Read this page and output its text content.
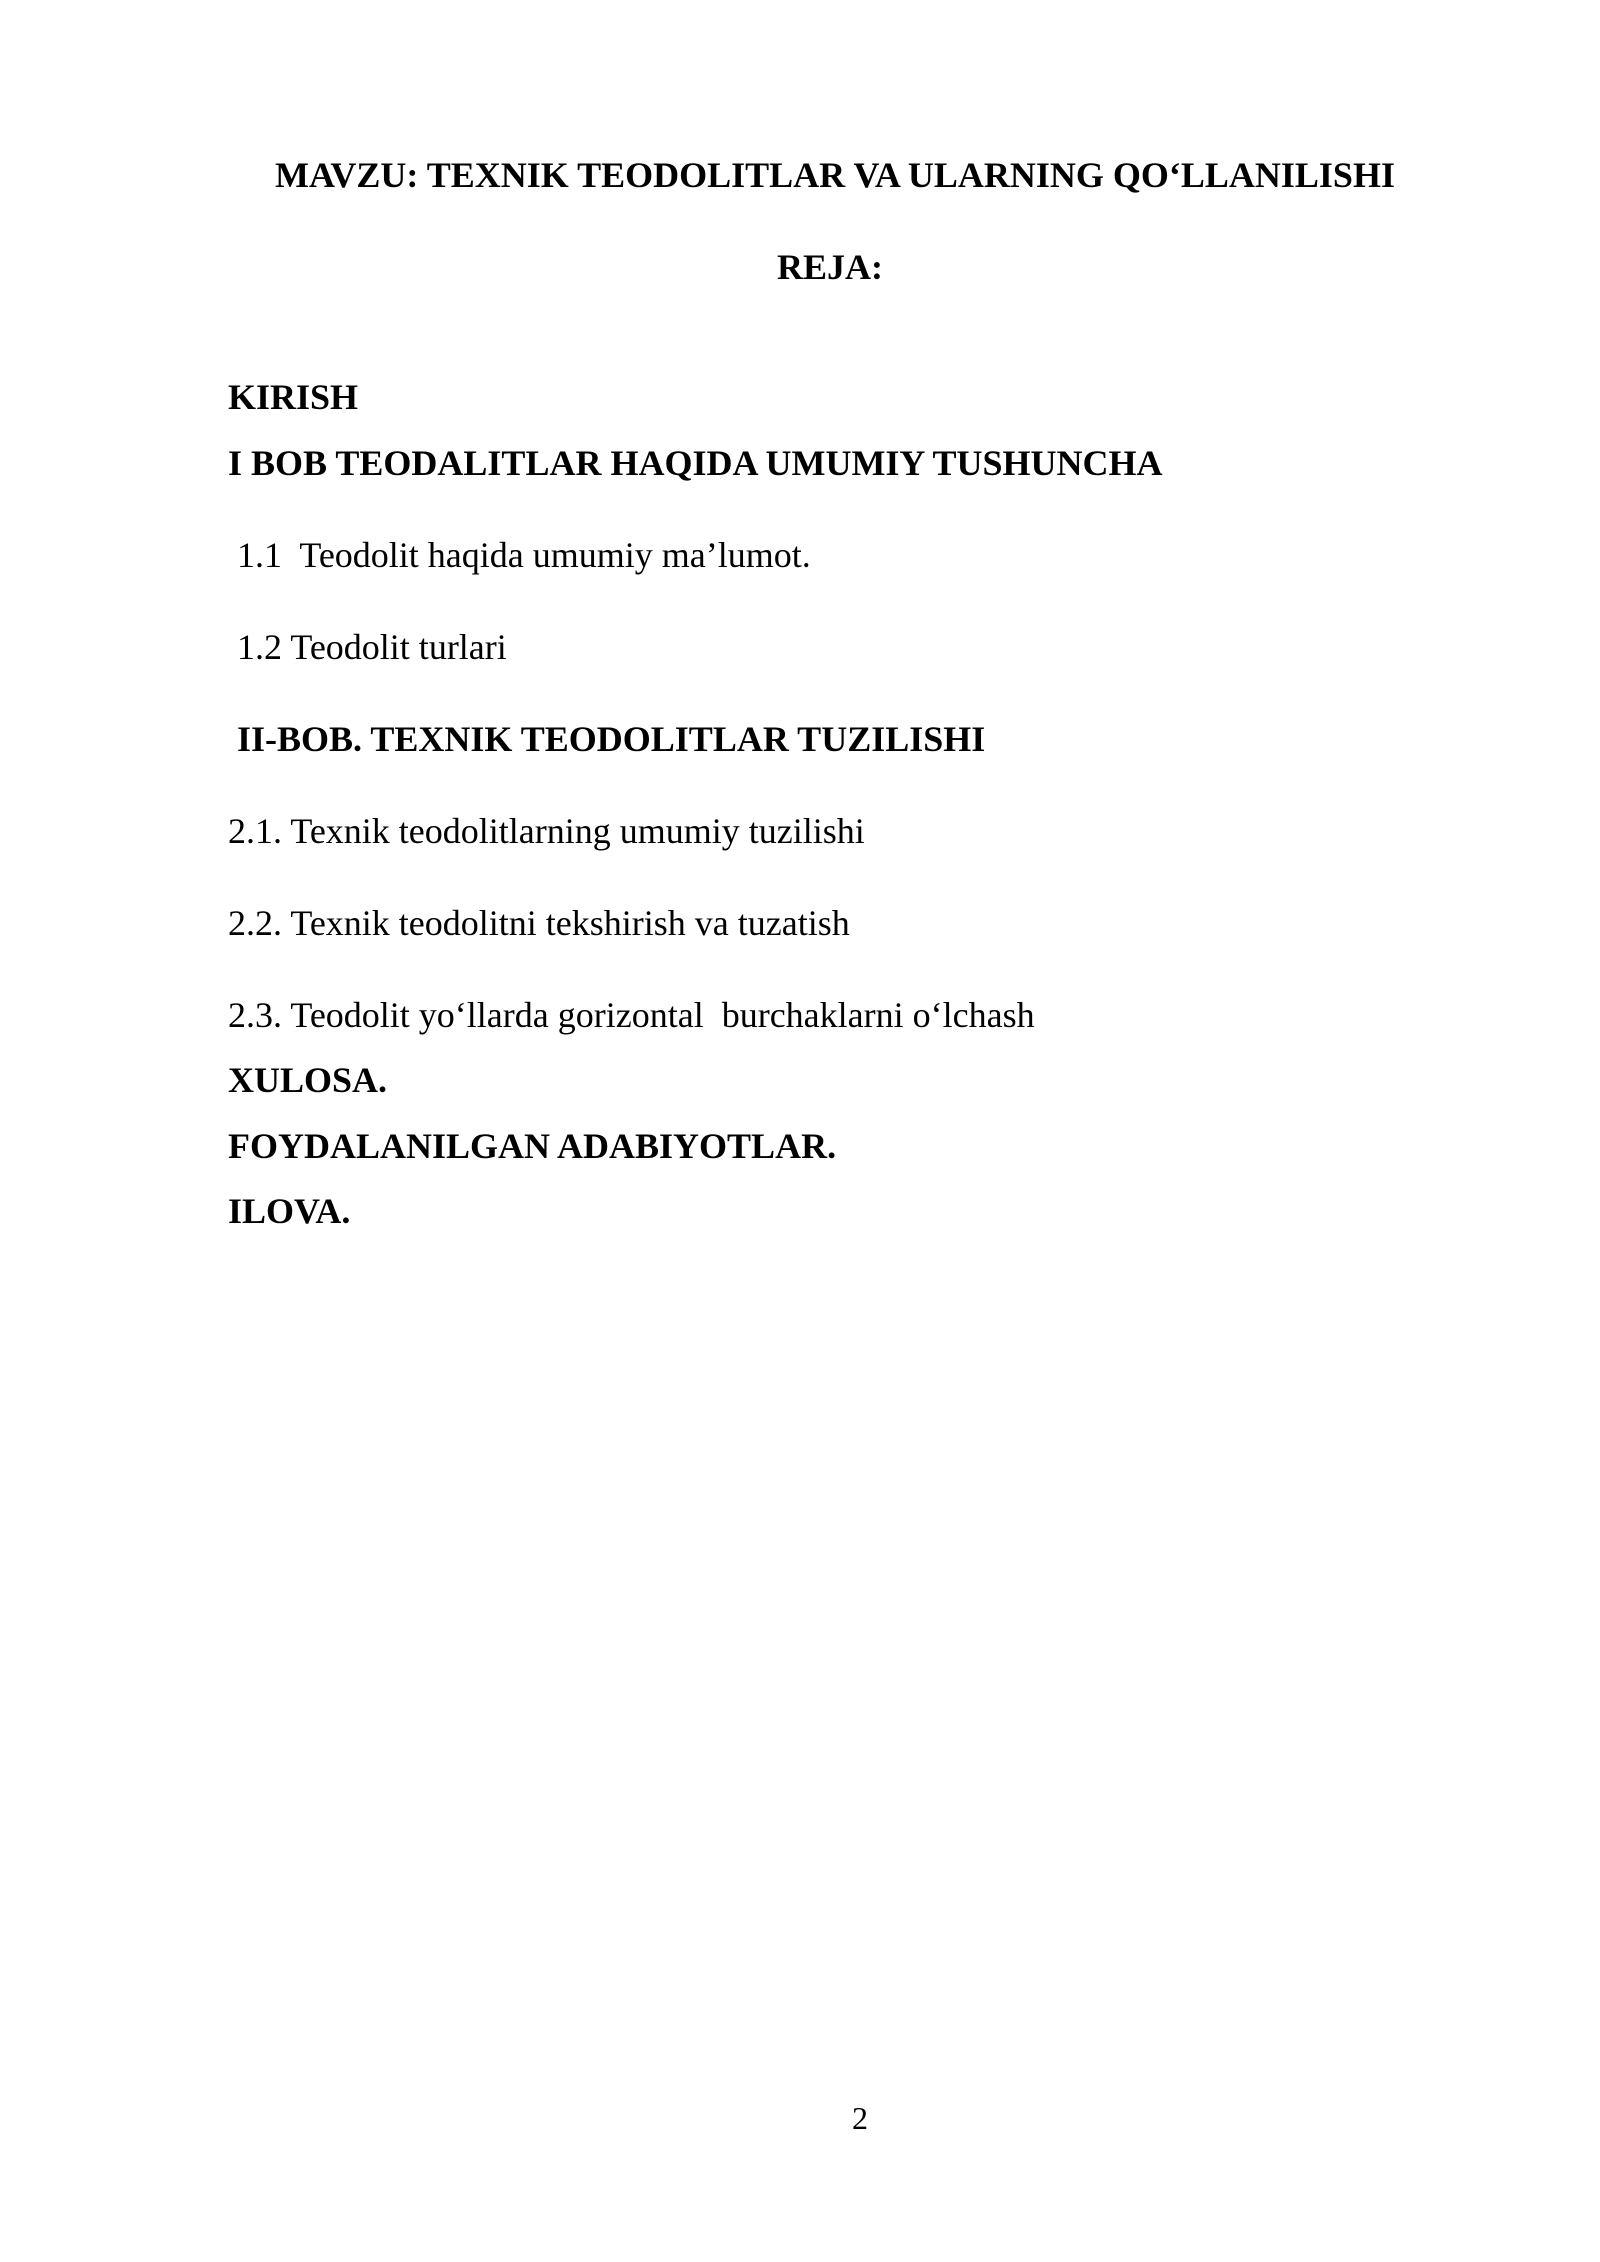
MAVZU: TEXNIK TEODOLITLAR VA ULARNING QO‘LLANILISHI
REJA:
KIRISH
I BOB TEODALITLAR HAQIDA UMUMIY TUSHUNCHA
1.1  Teodolit haqida umumiy ma’lumot.
1.2 Teodolit turlari
II-BOB. TEXNIK TEODOLITLAR TUZILISHI
2.1. Texnik teodolitlarning umumiy tuzilishi
2.2. Texnik teodolitni tekshirish va tuzatish
2.3. Teodolit yo‘llarda gorizontal  burchaklarni o‘lchash
XULOSA.
FOYDALANILGAN ADABIYOTLAR.
ILOVA.
2
